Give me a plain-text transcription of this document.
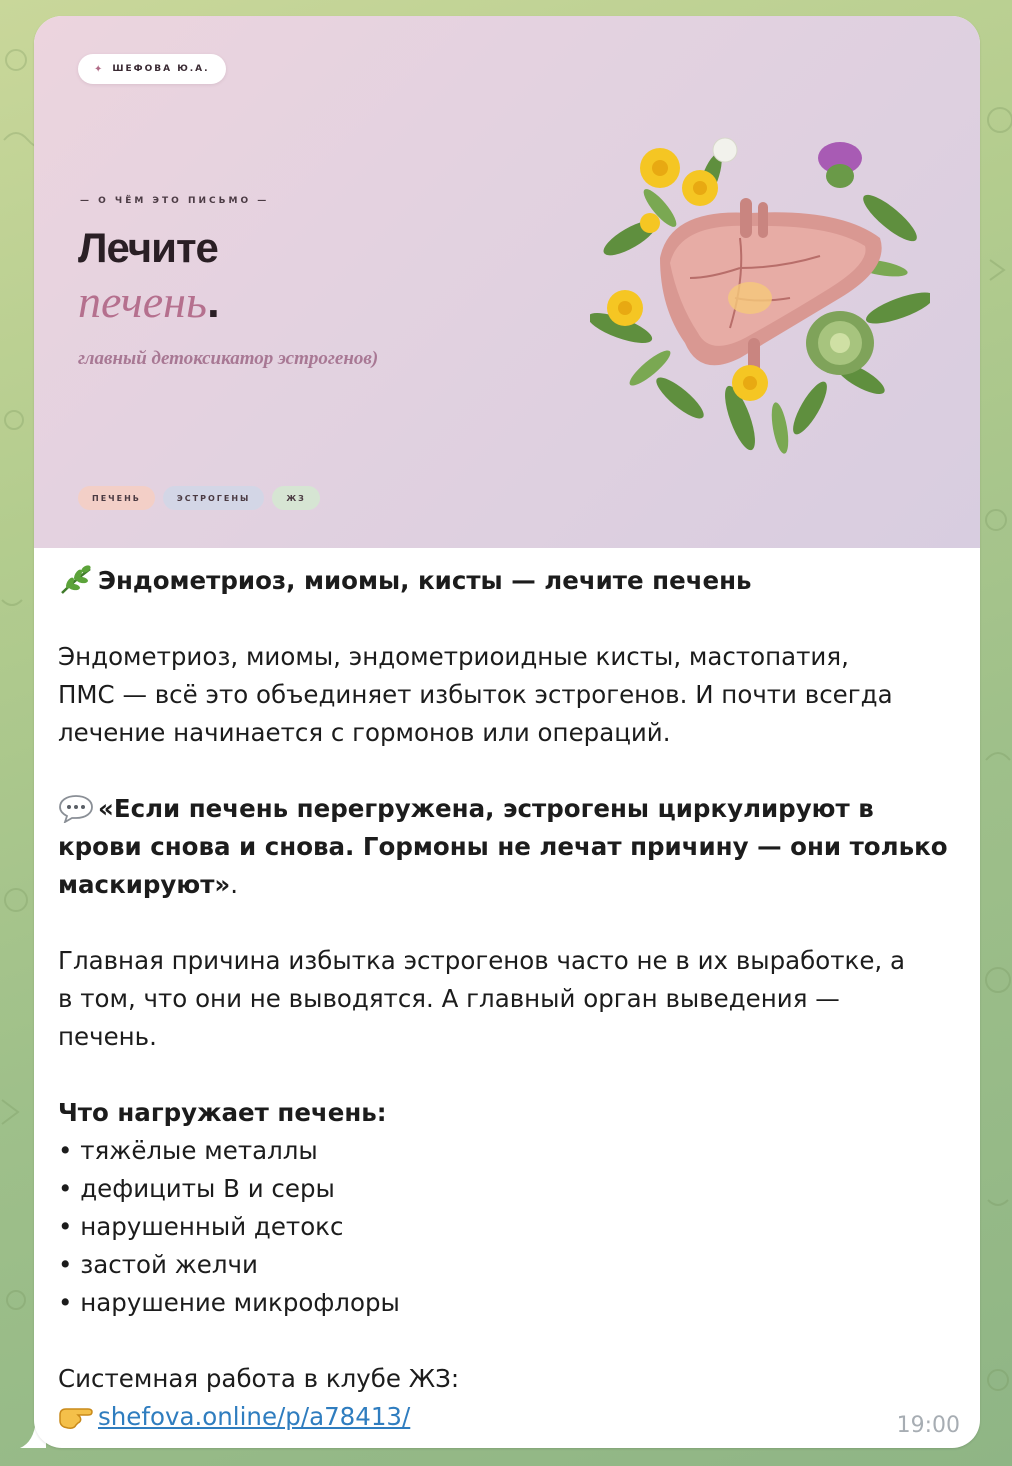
✦ ШЕФОВА Ю.А.
— О ЧЁМ ЭТО ПИСЬМО —
Лечите
печень.
главный детоксикатор эстрогенов)
ПЕЧЕНЬ	ЭСТРОГЕНЫ	ЖЗ

Эндометриоз, миомы, кисты — лечите печень

Эндометриоз, миомы, эндометриоидные кисты, мастопатия,
ПМС — всё это объединяет избыток эстрогенов. И почти всегда
лечение начинается с гормонов или операций.

«Если печень перегружена, эстрогены циркулируют в
крови снова и снова. Гормоны не лечат причину — они только
маскируют».

Главная причина избытка эстрогенов часто не в их выработке, а
в том, что они не выводятся. А главный орган выведения —
печень.

Что нагружает печень:

• тяжёлые металлы

• дефициты B и серы

• нарушенный детокс

• застой желчи

• нарушение микрофлоры

Системная работа в клубе ЖЗ:

shefova.online/p/a78413/	19:00
